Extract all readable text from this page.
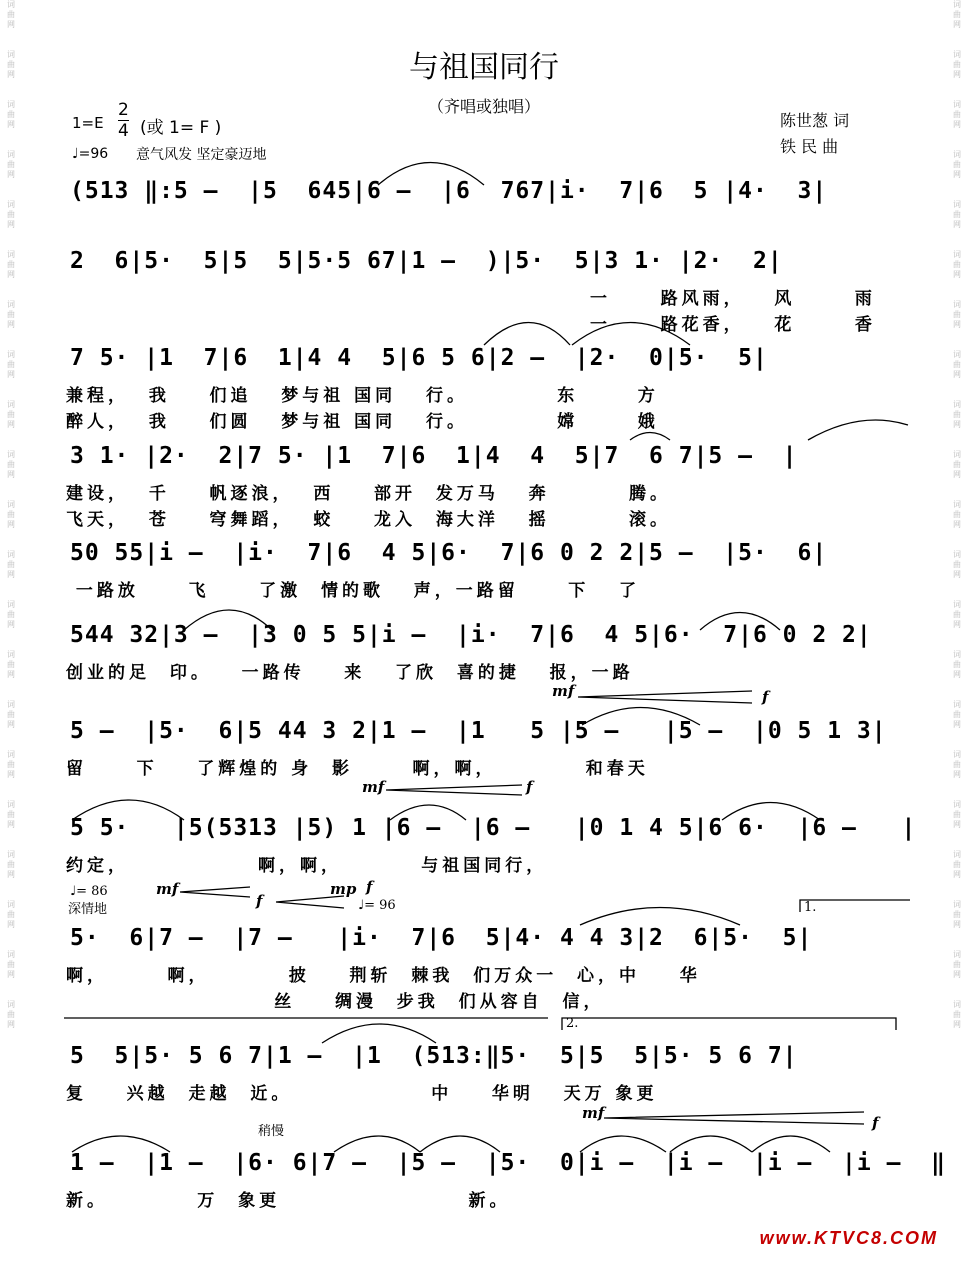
词
曲
网
词
曲
网
词
曲
网
词
曲
网
词
曲
网
词
曲
网
词
曲
网
词
曲
网
词
曲
网
词
曲
网
词
曲
网
词
曲
网
词
曲
网
词
曲
网
词
曲
网
词
曲
网
词
曲
网
词
曲
网
词
曲
网
词
曲
网
词
曲
网
词
曲
网
词
曲
网
词
曲
网
词
曲
网
词
曲
网
词
曲
网
词
曲
网
词
曲
网
词
曲
网
词
曲
网
词
曲
网
词
曲
网
词
曲
网
词
曲
网
词
曲
网
词
曲
网
词
曲
网
词
曲
网
词
曲
网
词
曲
网
词
曲
网
与祖国同行
（齐唱或独唱）
陈世葱 词
铁 民 曲
$1=E \frac{2}{4}$ (或 1= F )
♩=96 意气风发 坚定豪迈地
(513 ‖:5 –  |5  645|6 –  |6  767|i·  7|6  5 |4·  3|
2  6|5·  5|5  5|5·5 67|1 –  )|5·  5|3 1· |2·  2|
7 5· |1  7|6  1|4 4  5|6 5 6|2 –  |2·  0|5·  5|
3 1· |2·  2|7 5· |1  7|6  1|4  4  5|7  6 7|5 –  |
50 55|i –  |i·  7|6  4 5|6·  7|6 0 2 2|5 –  |5·  6|
544 32|3 –  |3 0 5 5|i –  |i·  7|6  4 5|6·  7|6 0 2 2|
5 –  |5·  6|5 44 3 2|1 –  |1   5 |5 –   |5 –  |0 5 1 3|
5 5·   |5(5313 |5) 1 |6 –  |6 –   |0 1 4 5|6 6·  |6 –   |
5·  6|7 –  |7 –   |i·  7|6  5|4· 4 4 3|2  6|5·  5|
5  5|5· 5 6 7|1 –  |1  (513:‖5·  5|5  5|5· 5 6 7|
1 –  |1 –  |6· 6|7 –  |5 –  |5·  0|i –  |i –  |i –  |i –  ‖
一     路风雨，   风      雨
一     路花香，   花      香
兼程，  我    们追   梦与祖 国同   行。         东      方
醉人，  我    们圆   梦与祖 国同   行。         嫦      娥
建设，  千    帆逐浪，  西    部开  发万马   奔        腾。
飞天，  苍    穹舞蹈，  蛟    龙入  海大洋   摇        滚。
一路放     飞     了激  情的歌   声，一路留     下   了
创业的足  印。   一路传    来   了欣  喜的捷   报，一路
留     下    了辉煌的 身  影      啊，啊，         和春天
约定，             啊，啊，        与祖国同行，
啊，      啊，        披    荆斩  棘我  们万众一  心，中    华
丝    绸漫  步我  们从容自  信，
复    兴越  走越  近。              中    华明   天万 象更
新。         万  象更                   新。
♩= 86
深情地	♩= 96
稍慢
1.
2.
mf	f
mf	f
mf
f
mp f
mf
f
www.KTVC8.COM
